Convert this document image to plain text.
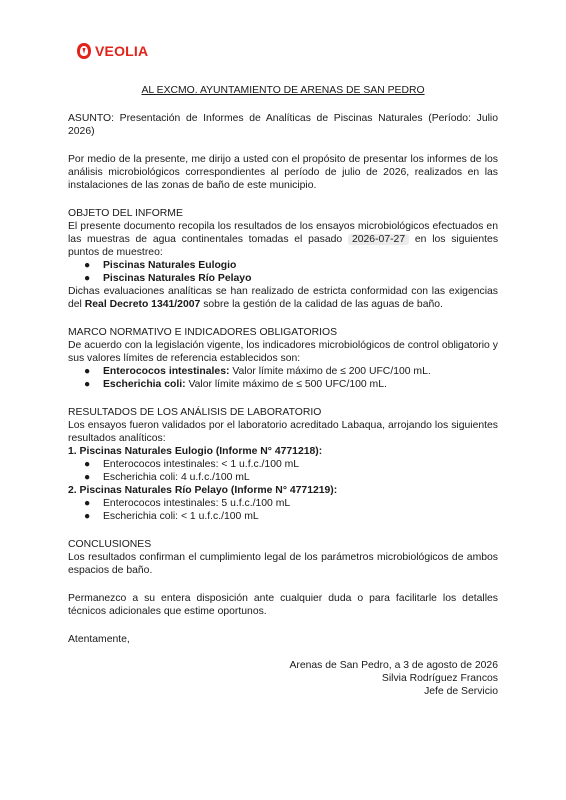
VEOLIA

AL EXCMO. AYUNTAMIENTO DE ARENAS DE SAN PEDRO

ASUNTO: Presentación de Informes de Analíticas de Piscinas Naturales (Período: Julio 2026)

Por medio de la presente, me dirijo a usted con el propósito de presentar los informes de los análisis microbiológicos correspondientes al período de julio de 2026, realizados en las instalaciones de las zonas de baño de este municipio.

OBJETO DEL INFORME

El presente documento recopila los resultados de los ensayos microbiológicos efectuados en las muestras de agua continentales tomadas el pasado 2026-07-27 en los siguientes puntos de muestreo:

● Piscinas Naturales Eulogio
● Piscinas Naturales Río Pelayo

Dichas evaluaciones analíticas se han realizado de estricta conformidad con las exigencias del Real Decreto 1341/2007 sobre la gestión de la calidad de las aguas de baño.

MARCO NORMATIVO E INDICADORES OBLIGATORIOS

De acuerdo con la legislación vigente, los indicadores microbiológicos de control obligatorio y sus valores límites de referencia establecidos son:

● Enterococos intestinales: Valor límite máximo de ≤ 200 UFC/100 mL.
● Escherichia coli: Valor límite máximo de ≤ 500 UFC/100 mL.

RESULTADOS DE LOS ANÁLISIS DE LABORATORIO

Los ensayos fueron validados por el laboratorio acreditado Labaqua, arrojando los siguientes resultados analíticos:

1. Piscinas Naturales Eulogio (Informe N° 4771218):

● Enterococos intestinales: < 1 u.f.c./100 mL
● Escherichia coli: 4 u.f.c./100 mL

2. Piscinas Naturales Río Pelayo (Informe N° 4771219):

● Enterococos intestinales: 5 u.f.c./100 mL
● Escherichia coli: < 1 u.f.c./100 mL

CONCLUSIONES

Los resultados confirman el cumplimiento legal de los parámetros microbiológicos de ambos espacios de baño.

Permanezco a su entera disposición ante cualquier duda o para facilitarle los detalles técnicos adicionales que estime oportunos.

Atentamente,

Arenas de San Pedro, a 3 de agosto de 2026

Silvia Rodríguez Francos

Jefe de Servicio
